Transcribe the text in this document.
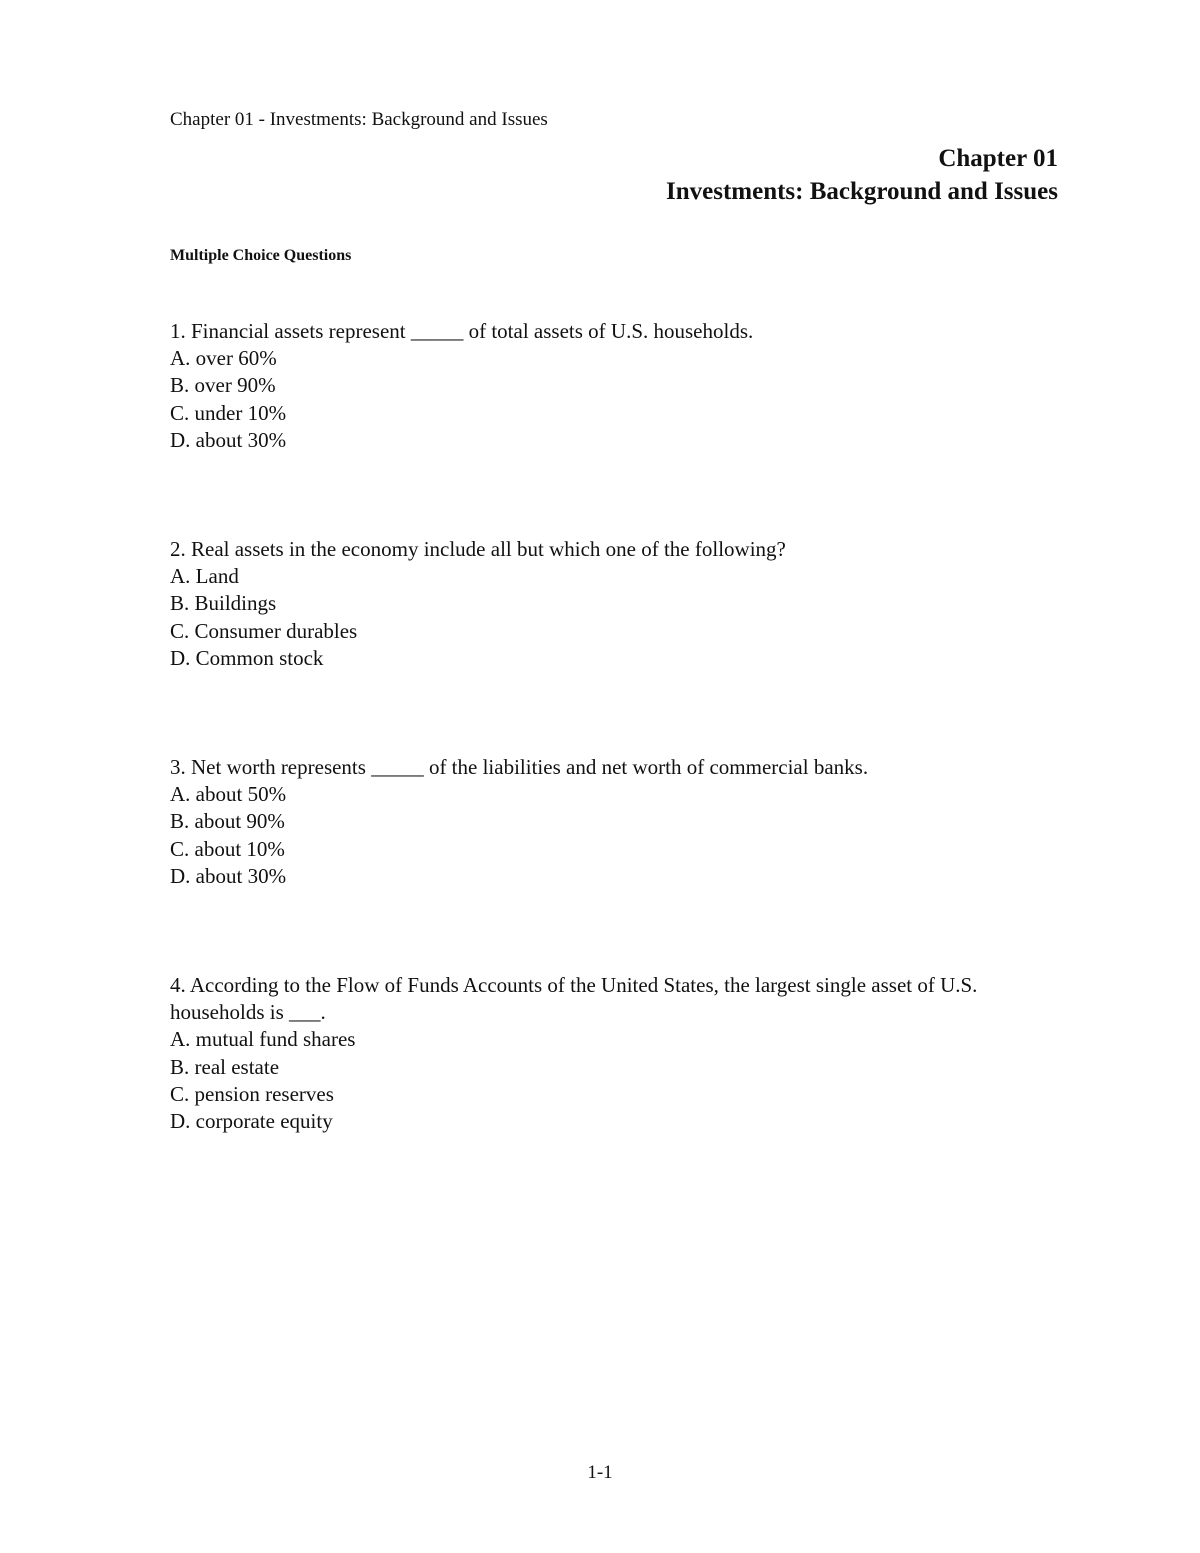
Chapter 01 - Investments: Background and Issues
Chapter 01
Investments: Background and Issues
Multiple Choice Questions
1. Financial assets represent _____ of total assets of U.S. households.
A. over 60%
B. over 90%
C. under 10%
D. about 30%
2. Real assets in the economy include all but which one of the following?
A. Land
B. Buildings
C. Consumer durables
D. Common stock
3. Net worth represents _____ of the liabilities and net worth of commercial banks.
A. about 50%
B. about 90%
C. about 10%
D. about 30%
4. According to the Flow of Funds Accounts of the United States, the largest single asset of U.S. households is ___.
A. mutual fund shares
B. real estate
C. pension reserves
D. corporate equity
1-1
